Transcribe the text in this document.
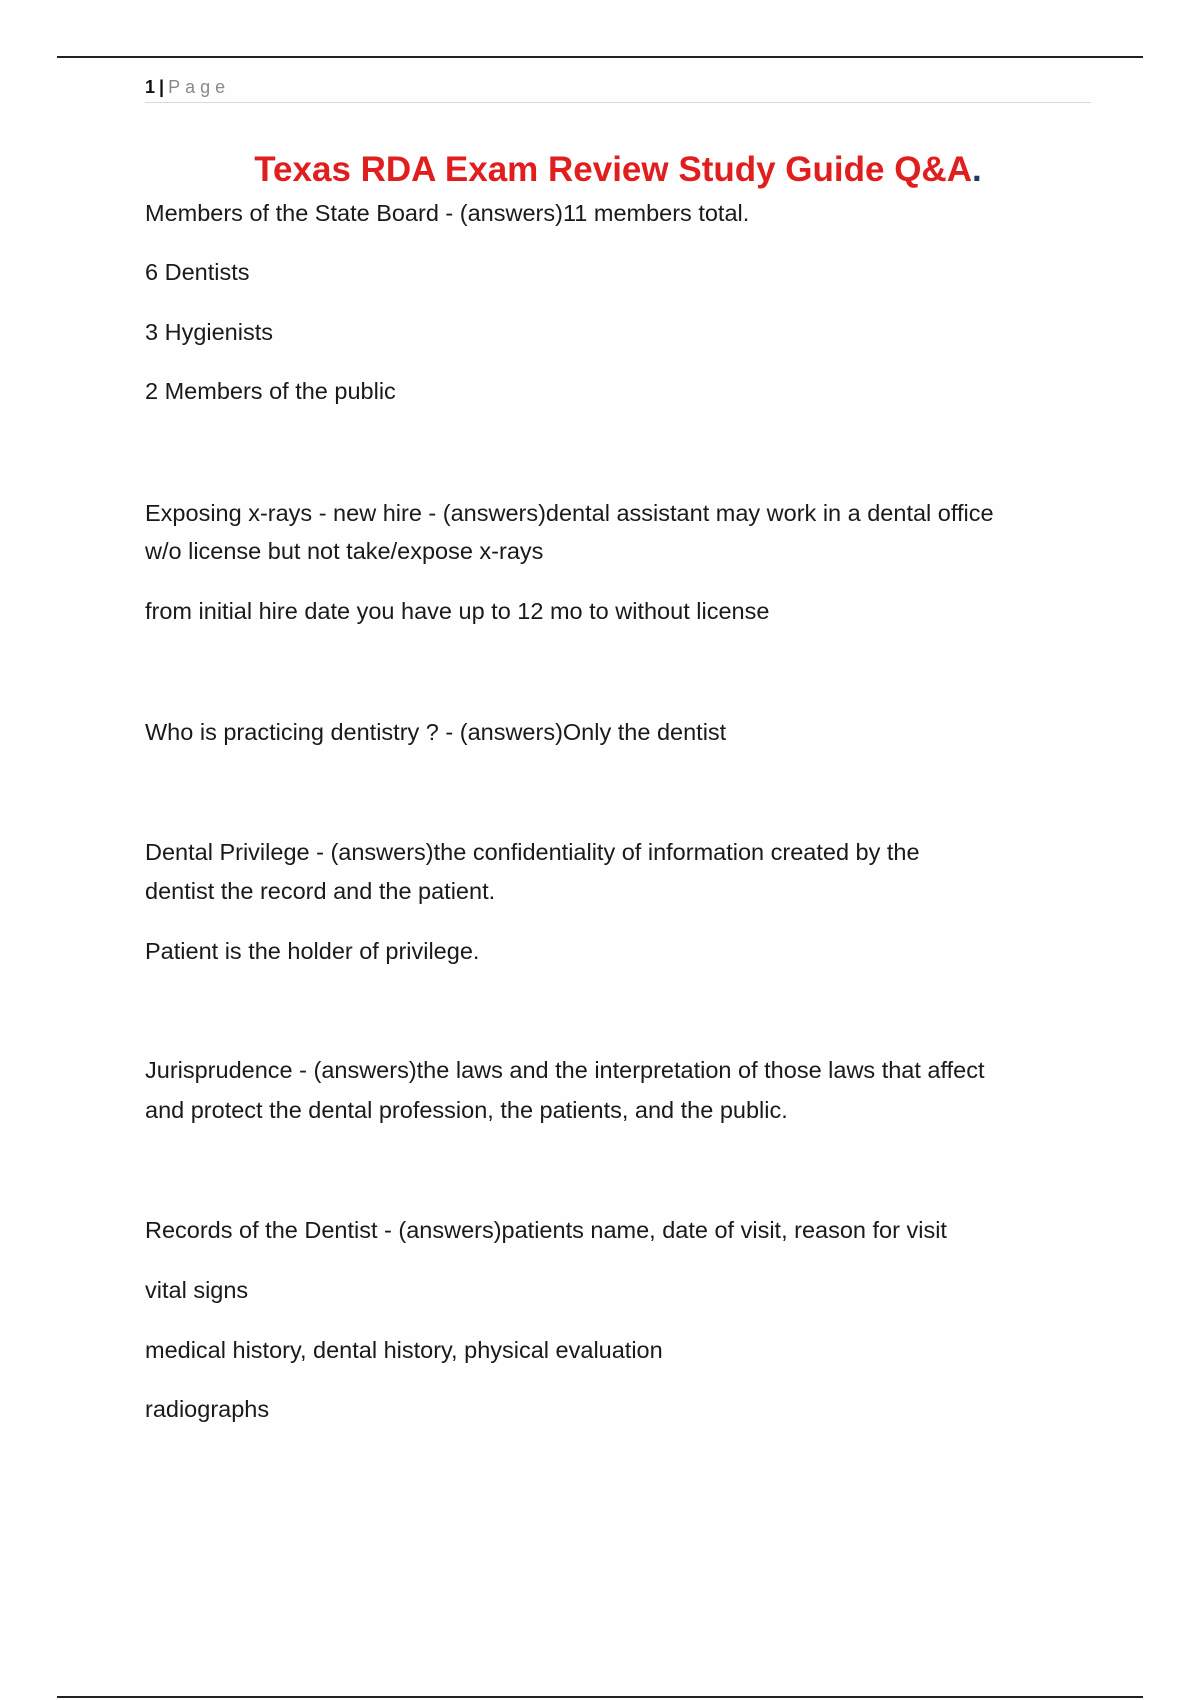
1 | Page
Texas RDA Exam Review Study Guide Q&A.

Members of the State Board - (answers)11 members total.

6 Dentists

3 Hygienists

2 Members of the public

Exposing x-rays - new hire - (answers)dental assistant may work in a dental office

w/o license but not take/expose x-rays

from initial hire date you have up to 12 mo to without license

Who is practicing dentistry ? - (answers)Only the dentist

Dental Privilege - (answers)the confidentiality of information created by the

dentist the record and the patient.

Patient is the holder of privilege.

Jurisprudence - (answers)the laws and the interpretation of those laws that affect

and protect the dental profession, the patients, and the public.

Records of the Dentist - (answers)patients name, date of visit, reason for visit

vital signs

medical history, dental history, physical evaluation

radiographs
